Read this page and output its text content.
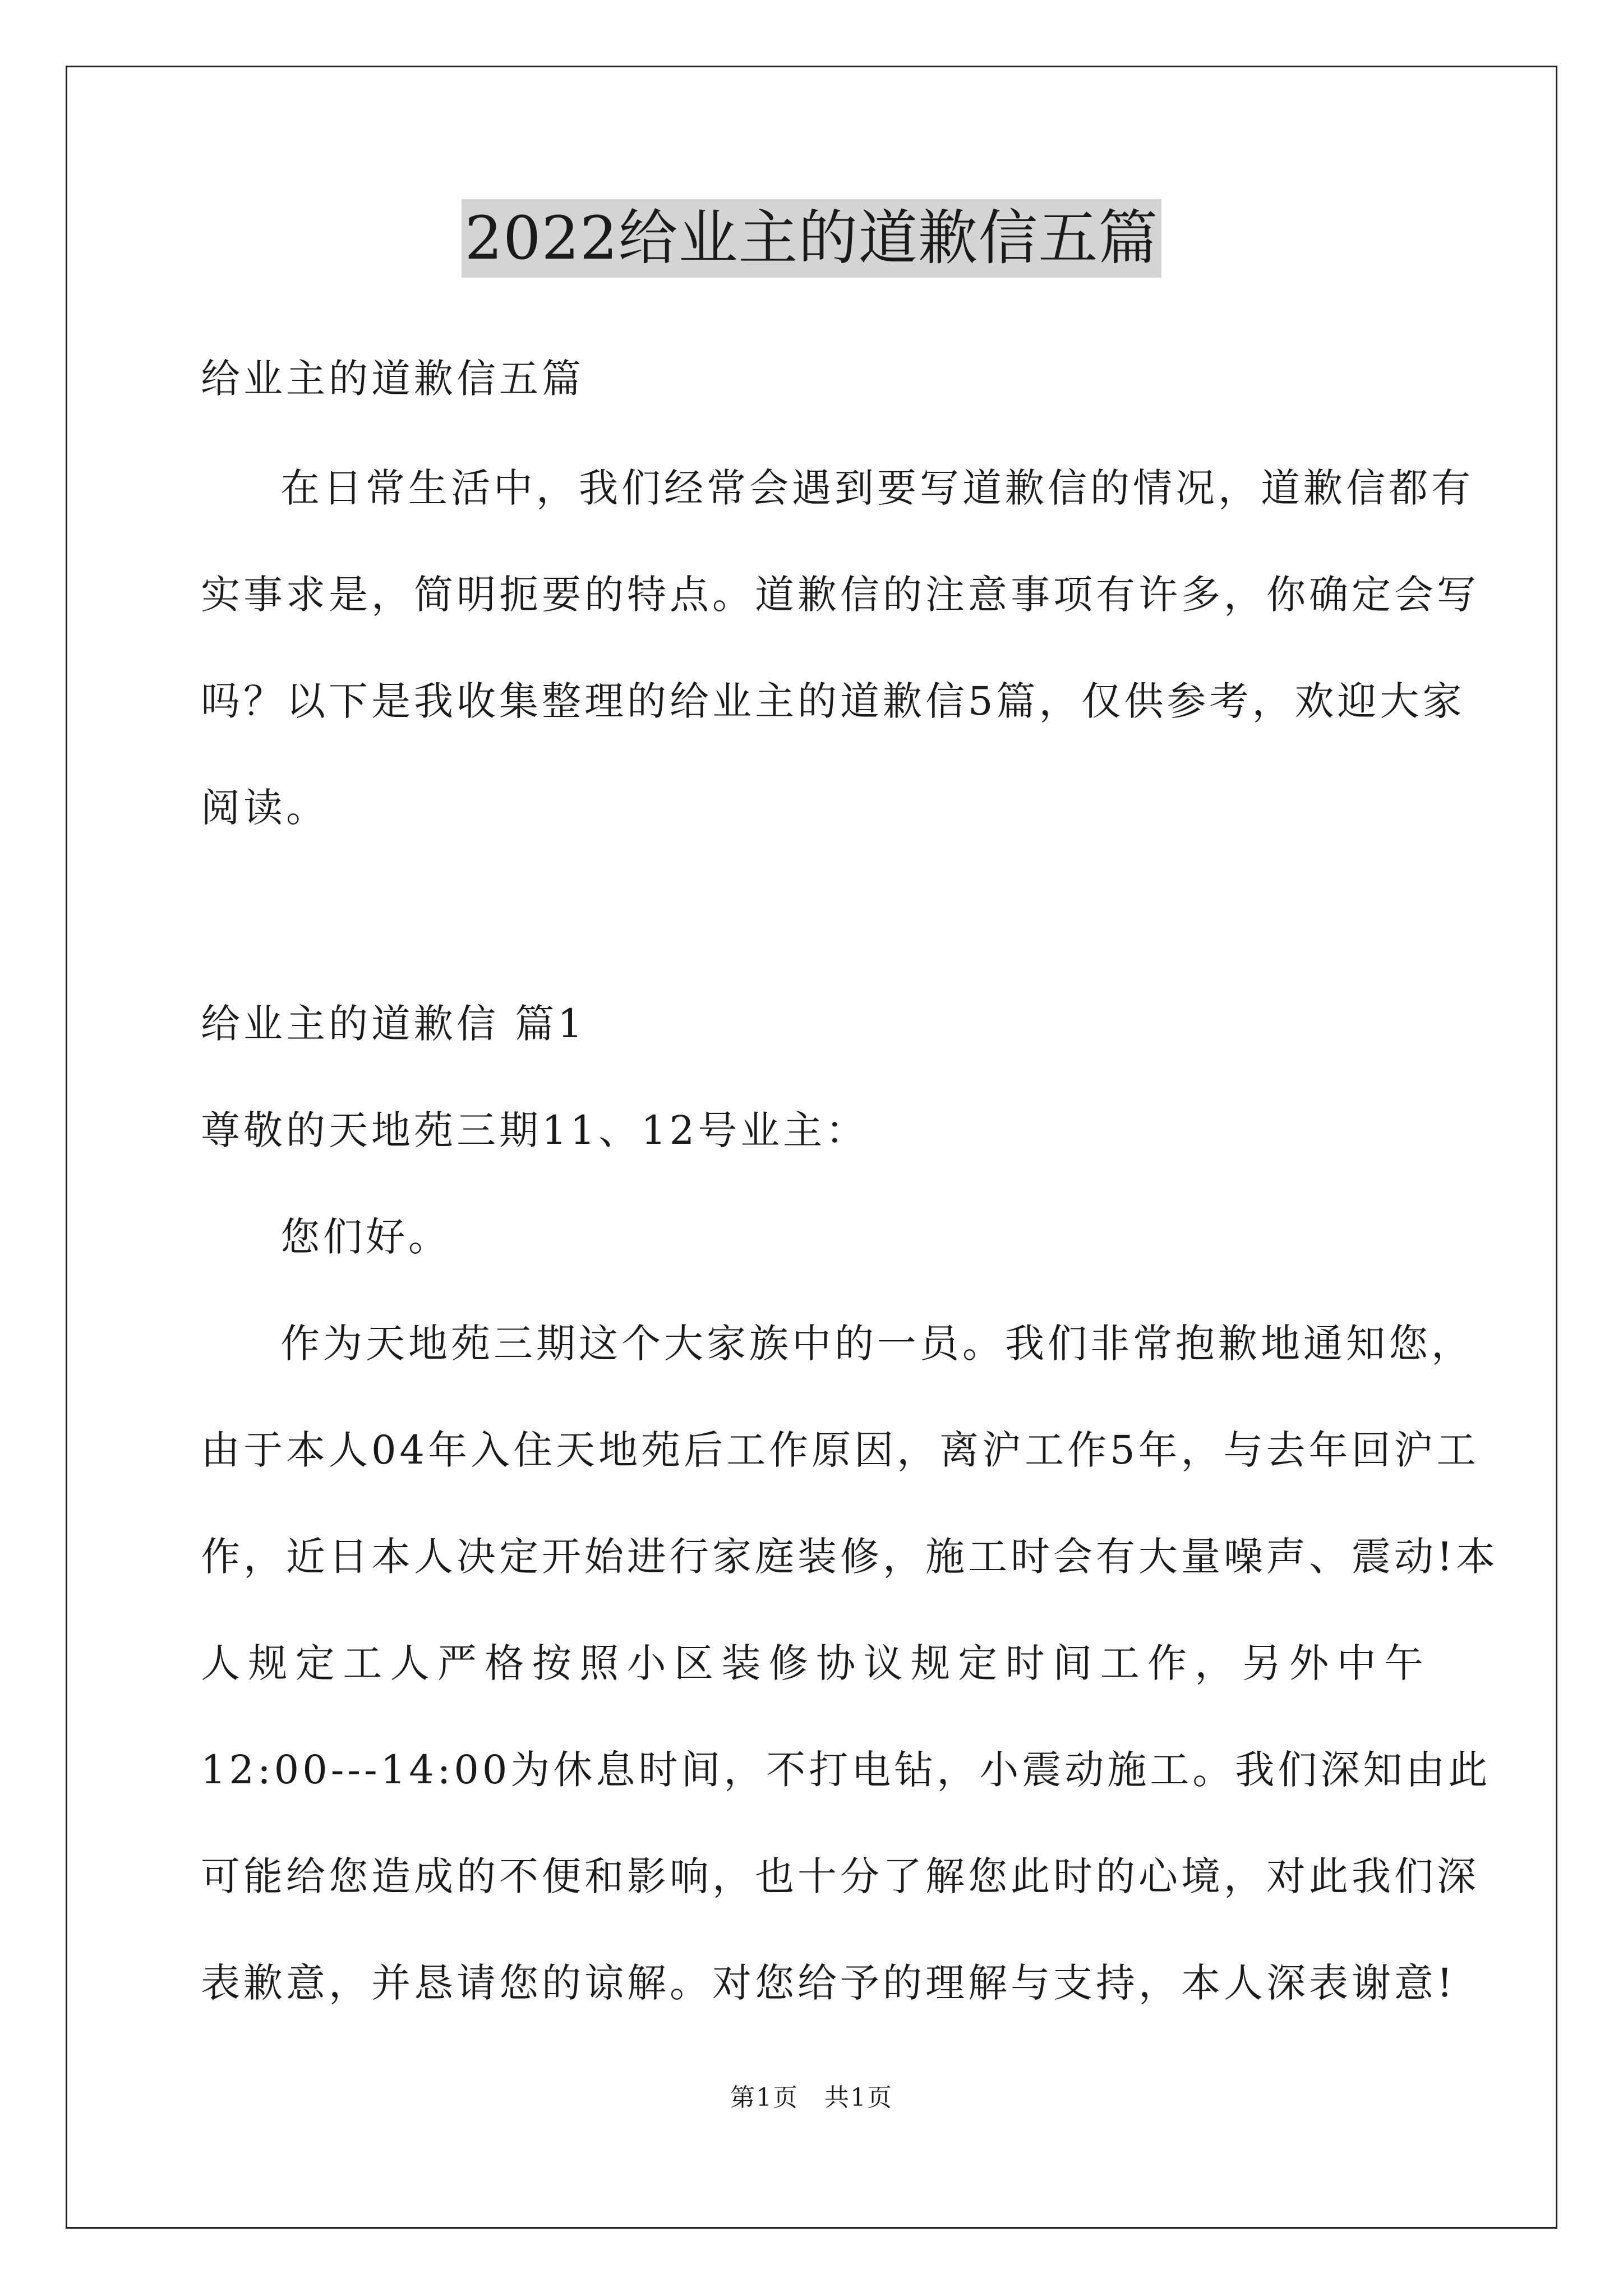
2022给业主的道歉信五篇
给业主的道歉信五篇
在日常生活中，我们经常会遇到要写道歉信的情况，道歉信都有
实事求是，简明扼要的特点。道歉信的注意事项有许多，你确定会写
吗？以下是我收集整理的给业主的道歉信5篇，仅供参考，欢迎大家
阅读。
给业主的道歉信 篇1
尊敬的天地苑三期11、12号业主：
您们好。
作为天地苑三期这个大家族中的一员。我们非常抱歉地通知您，
由于本人04年入住天地苑后工作原因，离沪工作5年，与去年回沪工
作，近日本人决定开始进行家庭装修，施工时会有大量噪声、震动!本
人规定工人严格按照小区装修协议规定时间工作，另外中午
12:00---14:00为休息时间，不打电钻，小震动施工。我们深知由此
可能给您造成的不便和影响，也十分了解您此时的心境，对此我们深
表歉意，并恳请您的谅解。对您给予的理解与支持，本人深表谢意!
第1页　共1页
